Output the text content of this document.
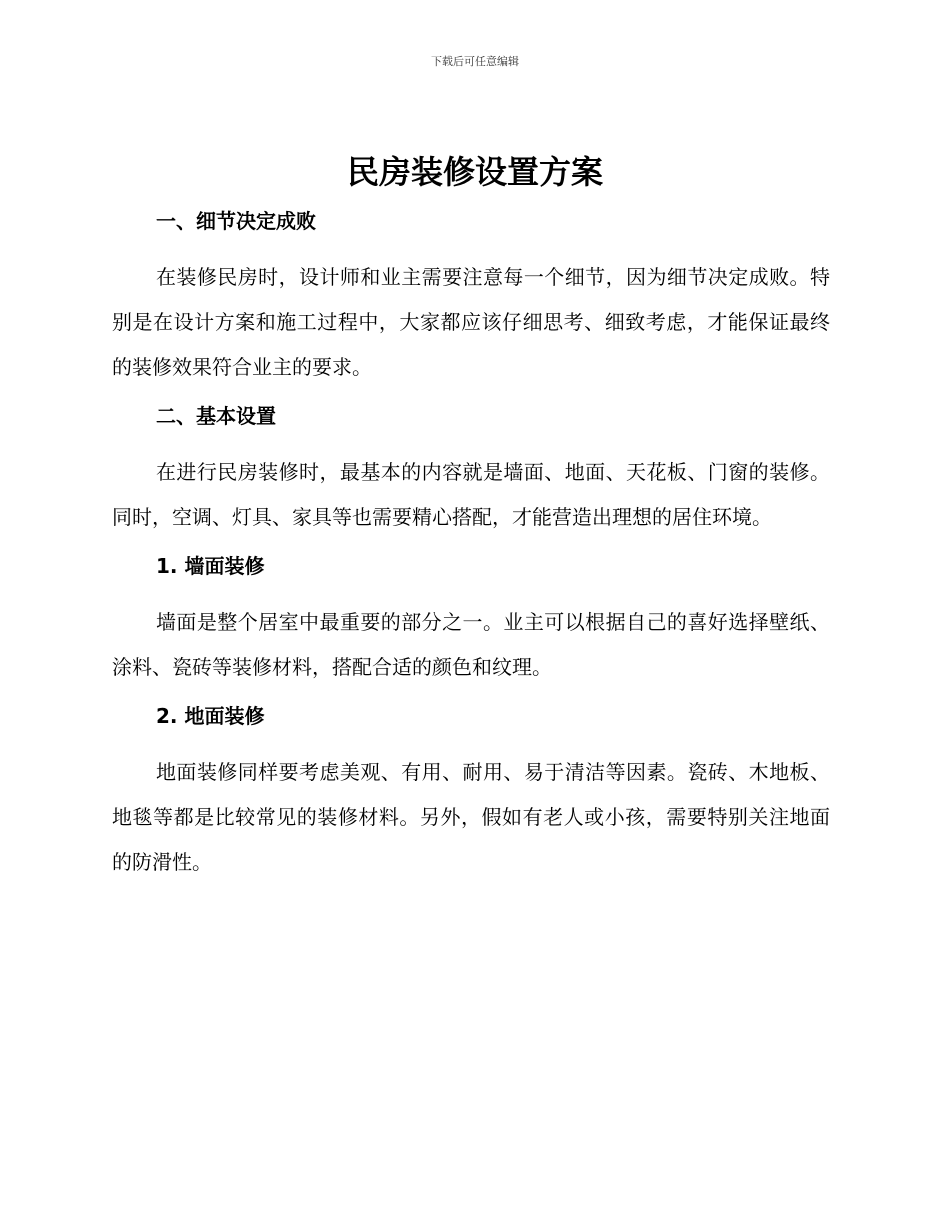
下载后可任意编辑
民房装修设置方案
一、细节决定成败

在装修民房时，设计师和业主需要注意每一个细节，因为细节决定成败。特别是在设计方案和施工过程中，大家都应该仔细思考、细致考虑，才能保证最终的装修效果符合业主的要求。

二、基本设置

在进行民房装修时，最基本的内容就是墙面、地面、天花板、门窗的装修。同时，空调、灯具、家具等也需要精心搭配，才能营造出理想的居住环境。

1. 墙面装修

墙面是整个居室中最重要的部分之一。业主可以根据自己的喜好选择壁纸、涂料、瓷砖等装修材料，搭配合适的颜色和纹理。

2. 地面装修

地面装修同样要考虑美观、有用、耐用、易于清洁等因素。瓷砖、木地板、地毯等都是比较常见的装修材料。另外，假如有老人或小孩，需要特别关注地面的防滑性。
